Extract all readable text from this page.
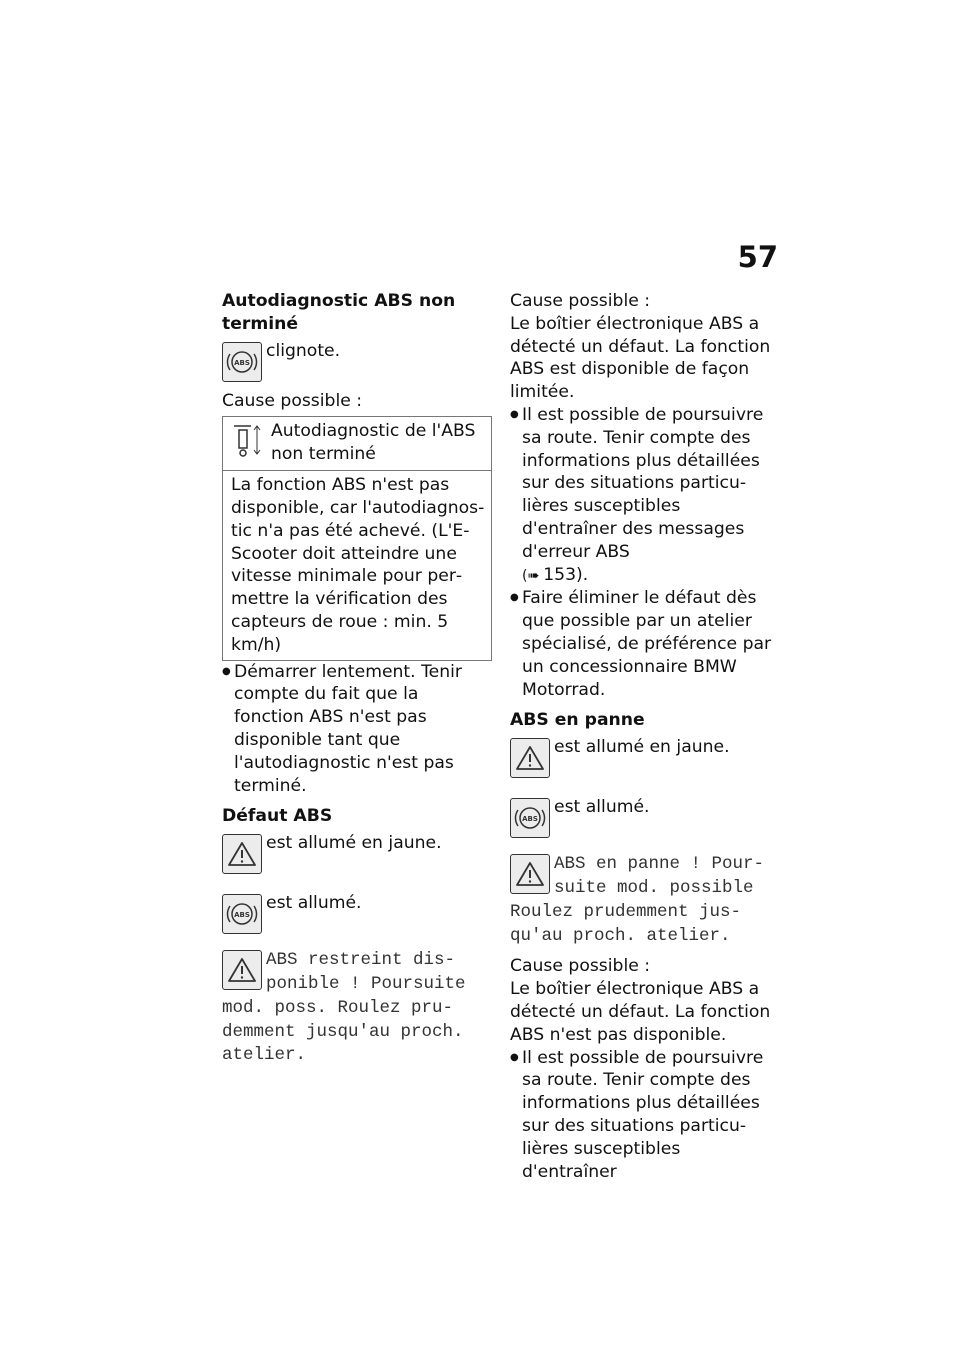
57

Autodiagnostic ABS non terminé

ABS
clignote.

Cause possible :

Autodiagnostic de l'ABS non terminé

La fonction ABS n'est pas disponible, car l'autodiagnostic n'a pas été achevé. (L'E-Scooter doit atteindre une vitesse minimale pour permettre la vérification des capteurs de roue : min. 5 km/h)
● Démarrer lentement. Tenir compte du fait que la fonction ABS n'est pas disponible tant que l'autodiagnostic n'est pas terminé.

Défaut ABS

est allumé en jaune.
ABS
est allumé.
ABS restreint disponible ! Poursuite mod. poss. Roulez prudemment jusqu'au proch. atelier.

Cause possible :

Le boîtier électronique ABS a détecté un défaut. La fonction ABS est disponible de façon limitée.

● Il est possible de poursuivre sa route. Tenir compte des informations plus détaillées sur des situations particulières susceptibles d'entraîner des messages d'erreur ABS
(➠ 153).
● Faire éliminer le défaut dès que possible par un atelier spécialisé, de préférence par un concessionnaire BMW Motorrad.

ABS en panne

est allumé en jaune.
ABS
est allumé.
ABS en panne ! Poursuite mod. possible Roulez prudemment jusqu'au proch. atelier.

Cause possible :

Le boîtier électronique ABS a détecté un défaut. La fonction ABS n'est pas disponible.

● Il est possible de poursuivre sa route. Tenir compte des informations plus détaillées sur des situations particulières susceptibles d'entraîner
